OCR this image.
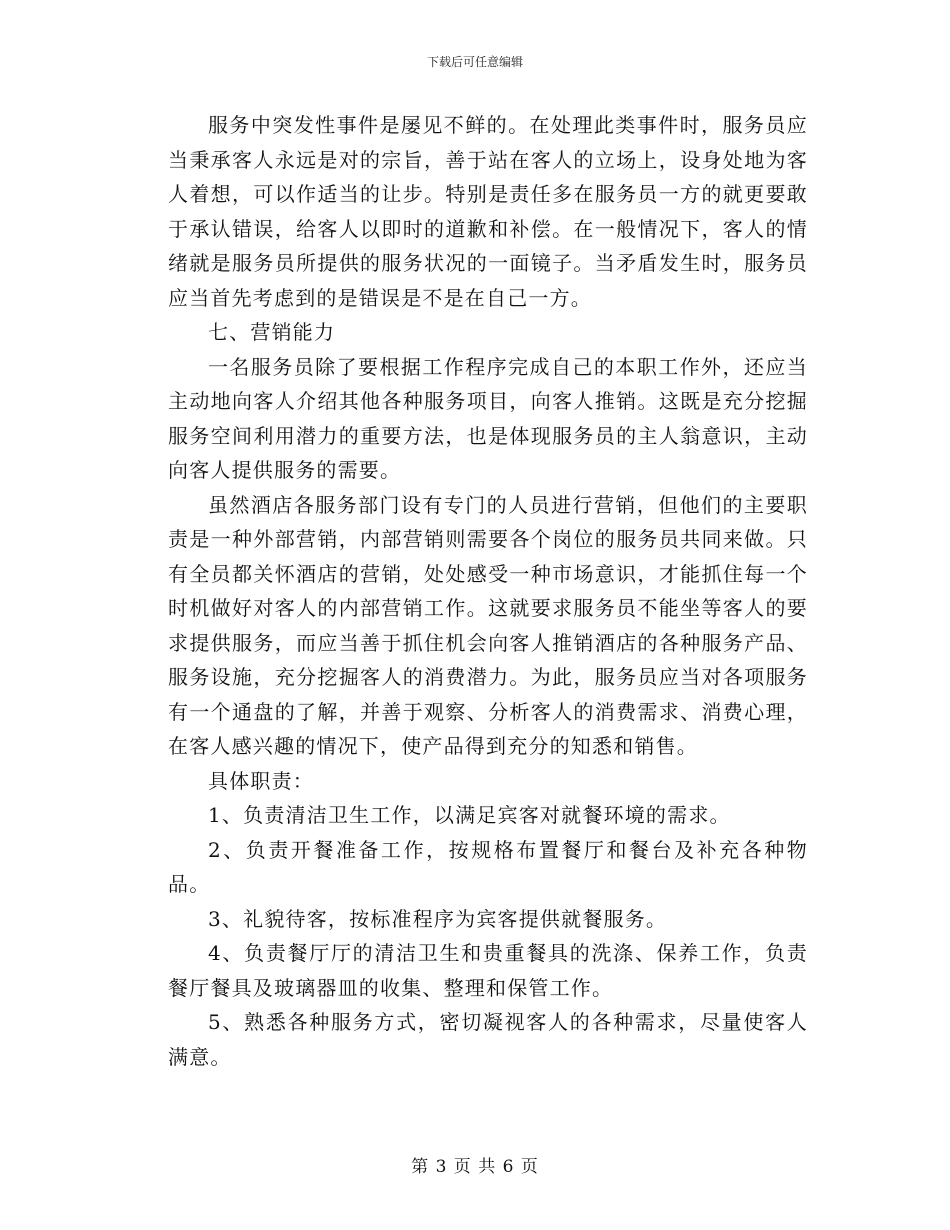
下载后可任意编辑

服务中突发性事件是屡见不鲜的。在处理此类事件时，服务员应当秉承客人永远是对的宗旨，善于站在客人的立场上，设身处地为客人着想，可以作适当的让步。特别是责任多在服务员一方的就更要敢于承认错误，给客人以即时的道歉和补偿。在一般情况下，客人的情绪就是服务员所提供的服务状况的一面镜子。当矛盾发生时，服务员应当首先考虑到的是错误是不是在自己一方。

七、营销能力

一名服务员除了要根据工作程序完成自己的本职工作外，还应当主动地向客人介绍其他各种服务项目，向客人推销。这既是充分挖掘服务空间利用潜力的重要方法，也是体现服务员的主人翁意识，主动向客人提供服务的需要。

虽然酒店各服务部门设有专门的人员进行营销，但他们的主要职责是一种外部营销，内部营销则需要各个岗位的服务员共同来做。只有全员都关怀酒店的营销，处处感受一种市场意识，才能抓住每一个时机做好对客人的内部营销工作。这就要求服务员不能坐等客人的要求提供服务，而应当善于抓住机会向客人推销酒店的各种服务产品、服务设施，充分挖掘客人的消费潜力。为此，服务员应当对各项服务有一个通盘的了解，并善于观察、分析客人的消费需求、消费心理，在客人感兴趣的情况下，使产品得到充分的知悉和销售。

具体职责：

1、负责清洁卫生工作，以满足宾客对就餐环境的需求。

2、负责开餐准备工作，按规格布置餐厅和餐台及补充各种物品。

3、礼貌待客，按标准程序为宾客提供就餐服务。

4、负责餐厅厅的清洁卫生和贵重餐具的洗涤、保养工作，负责餐厅餐具及玻璃器皿的收集、整理和保管工作。

5、熟悉各种服务方式，密切凝视客人的各种需求，尽量使客人满意。

第 3 页 共 6 页
